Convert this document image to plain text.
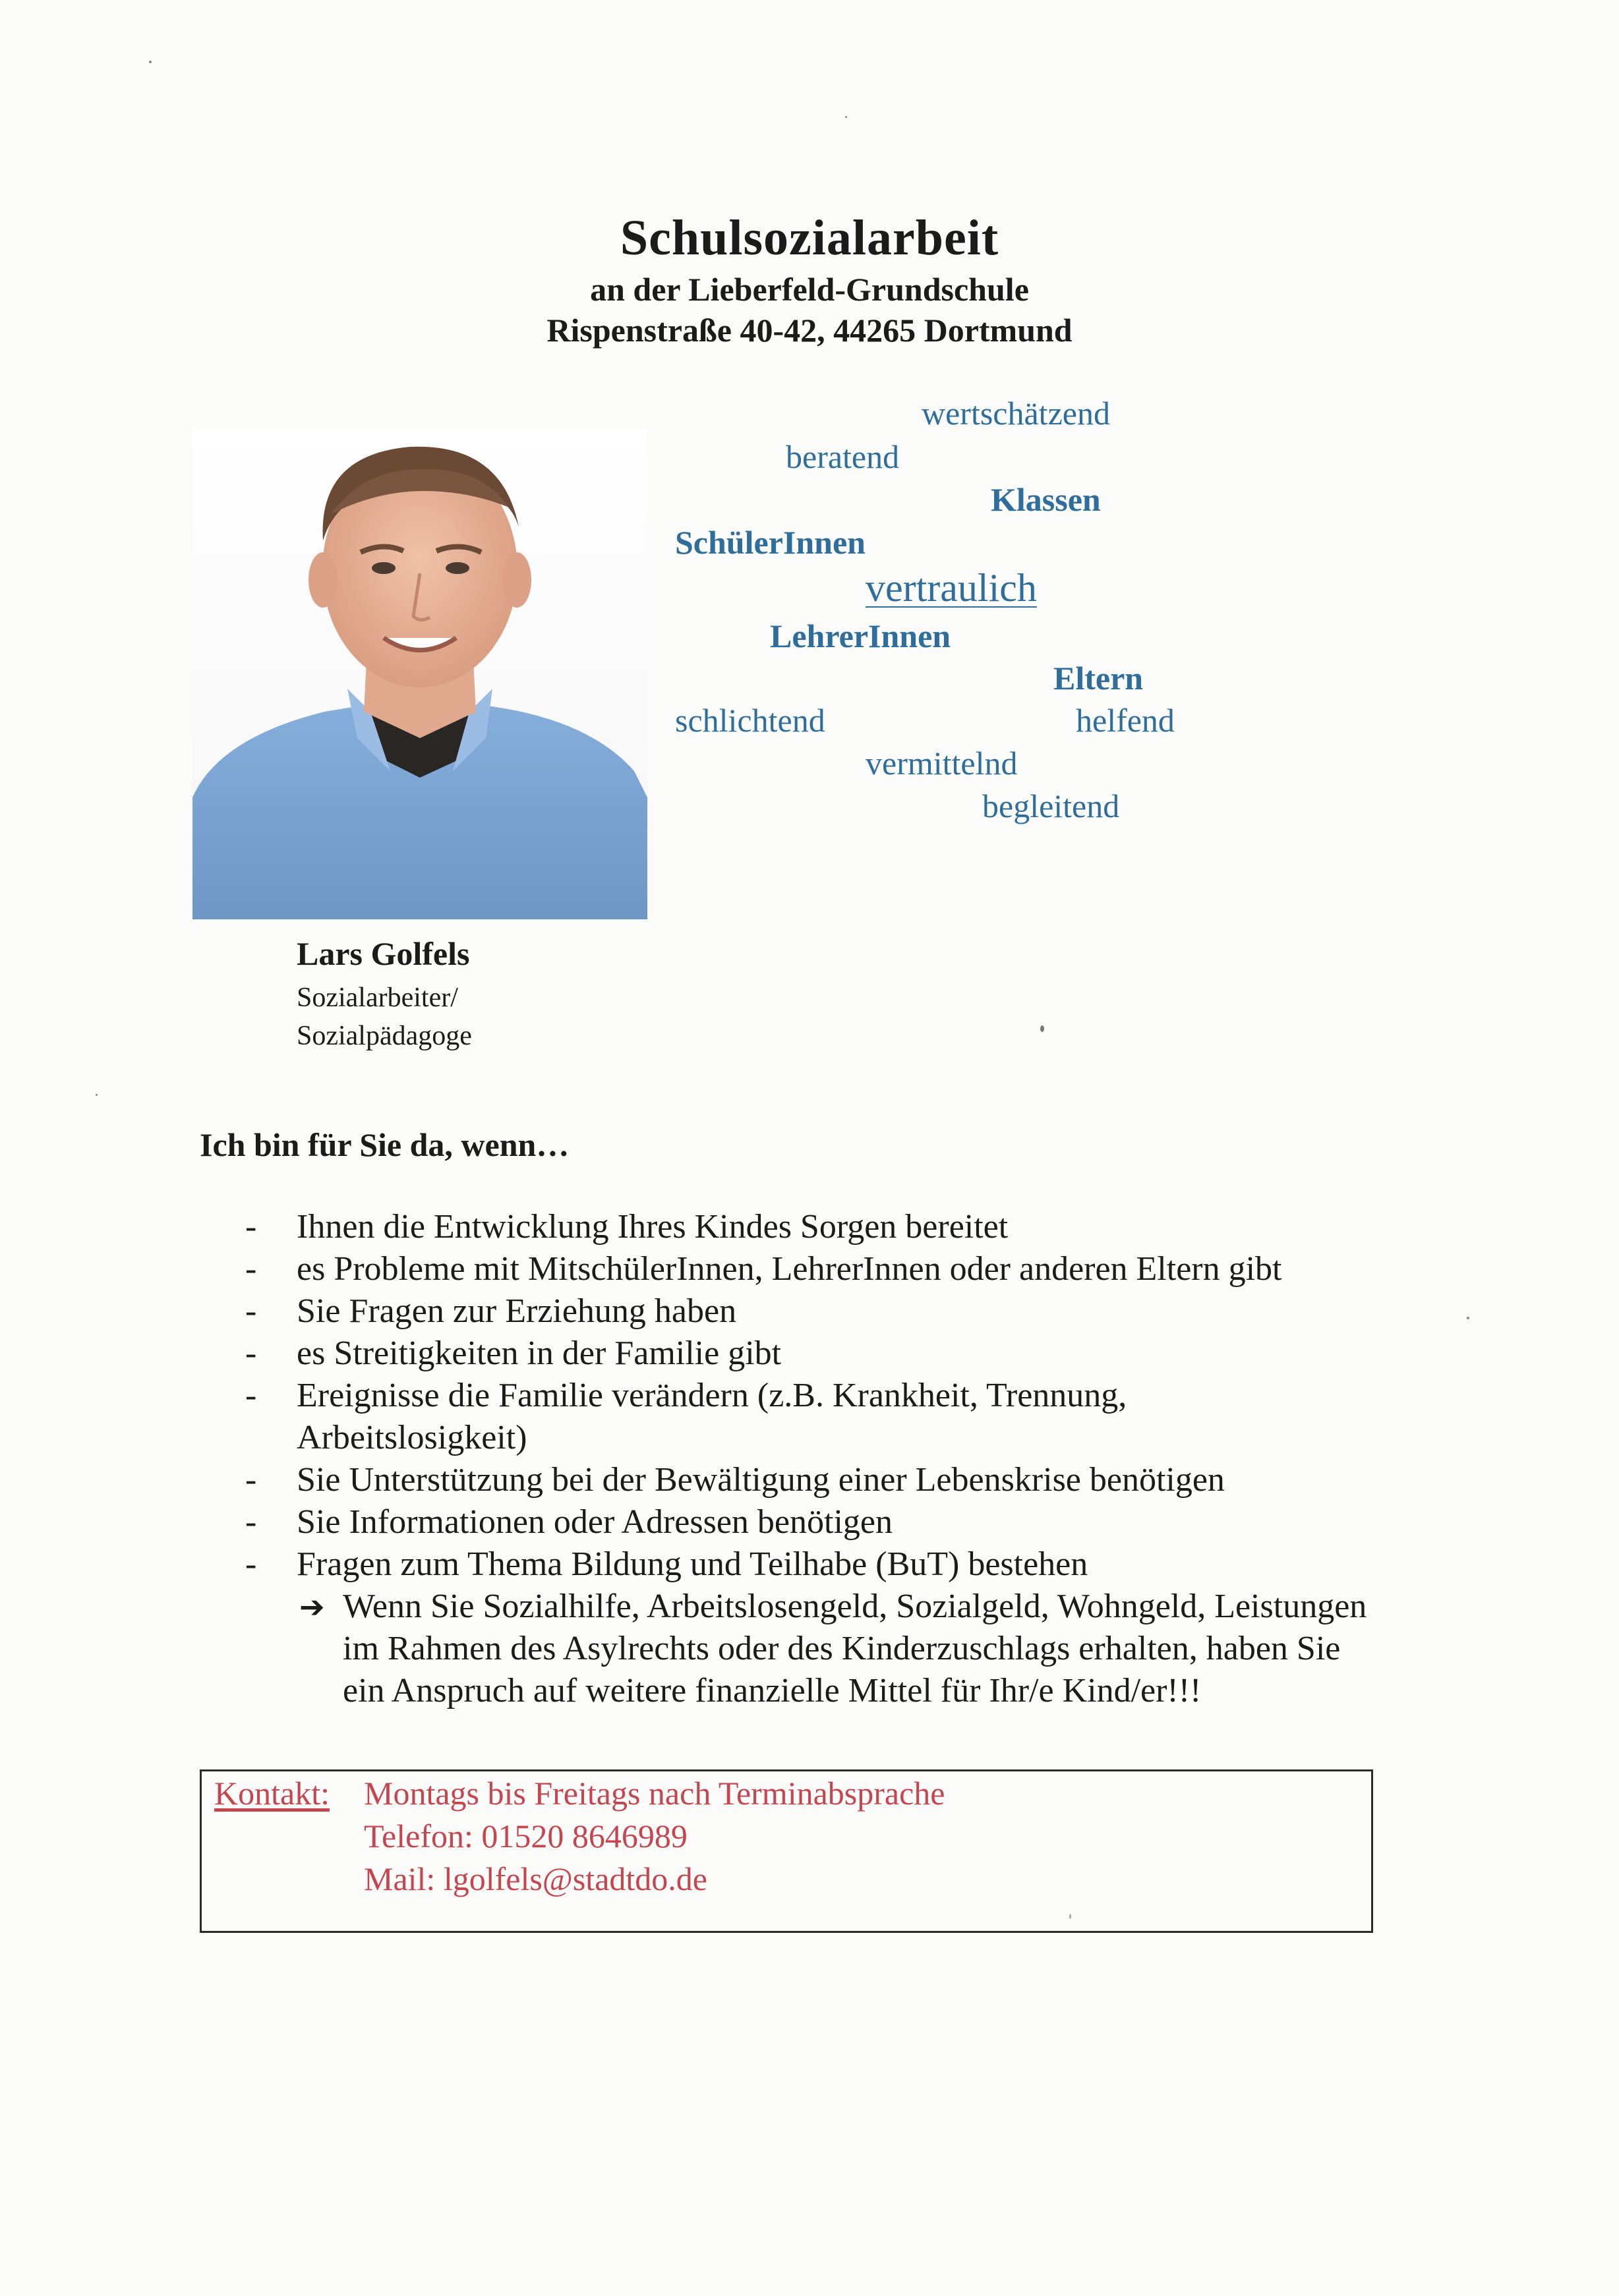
Schulsozialarbeit
an der Lieberfeld-Grundschule
Rispenstraße 40-42, 44265 Dortmund
wertschätzend
beratend
Klassen
SchülerInnen
vertraulich
LehrerInnen
Eltern
schlichtend	helfend
vermittelnd
begleitend
Lars Golfels
Sozialarbeiter/
Sozialpädagoge
Ich bin für Sie da, wenn…
- Ihnen die Entwicklung Ihres Kindes Sorgen bereitet
- es Probleme mit MitschülerInnen, LehrerInnen oder anderen Eltern gibt
- Sie Fragen zur Erziehung haben
- es Streitigkeiten in der Familie gibt
- Ereignisse die Familie verändern (z.B. Krankheit, Trennung, Arbeitslosigkeit)
- Sie Unterstützung bei der Bewältigung einer Lebenskrise benötigen
- Sie Informationen oder Adressen benötigen
- Fragen zum Thema Bildung und Teilhabe (BuT) bestehen
➔ Wenn Sie Sozialhilfe, Arbeitslosengeld, Sozialgeld, Wohngeld, Leistungen im Rahmen des Asylrechts oder des Kinderzuschlags erhalten, haben Sie ein Anspruch auf weitere finanzielle Mittel für Ihr/e Kind/er!!!
Kontakt: Montags bis Freitags nach Terminabsprache
Telefon: 01520 8646989
Mail: lgolfels@stadtdo.de
